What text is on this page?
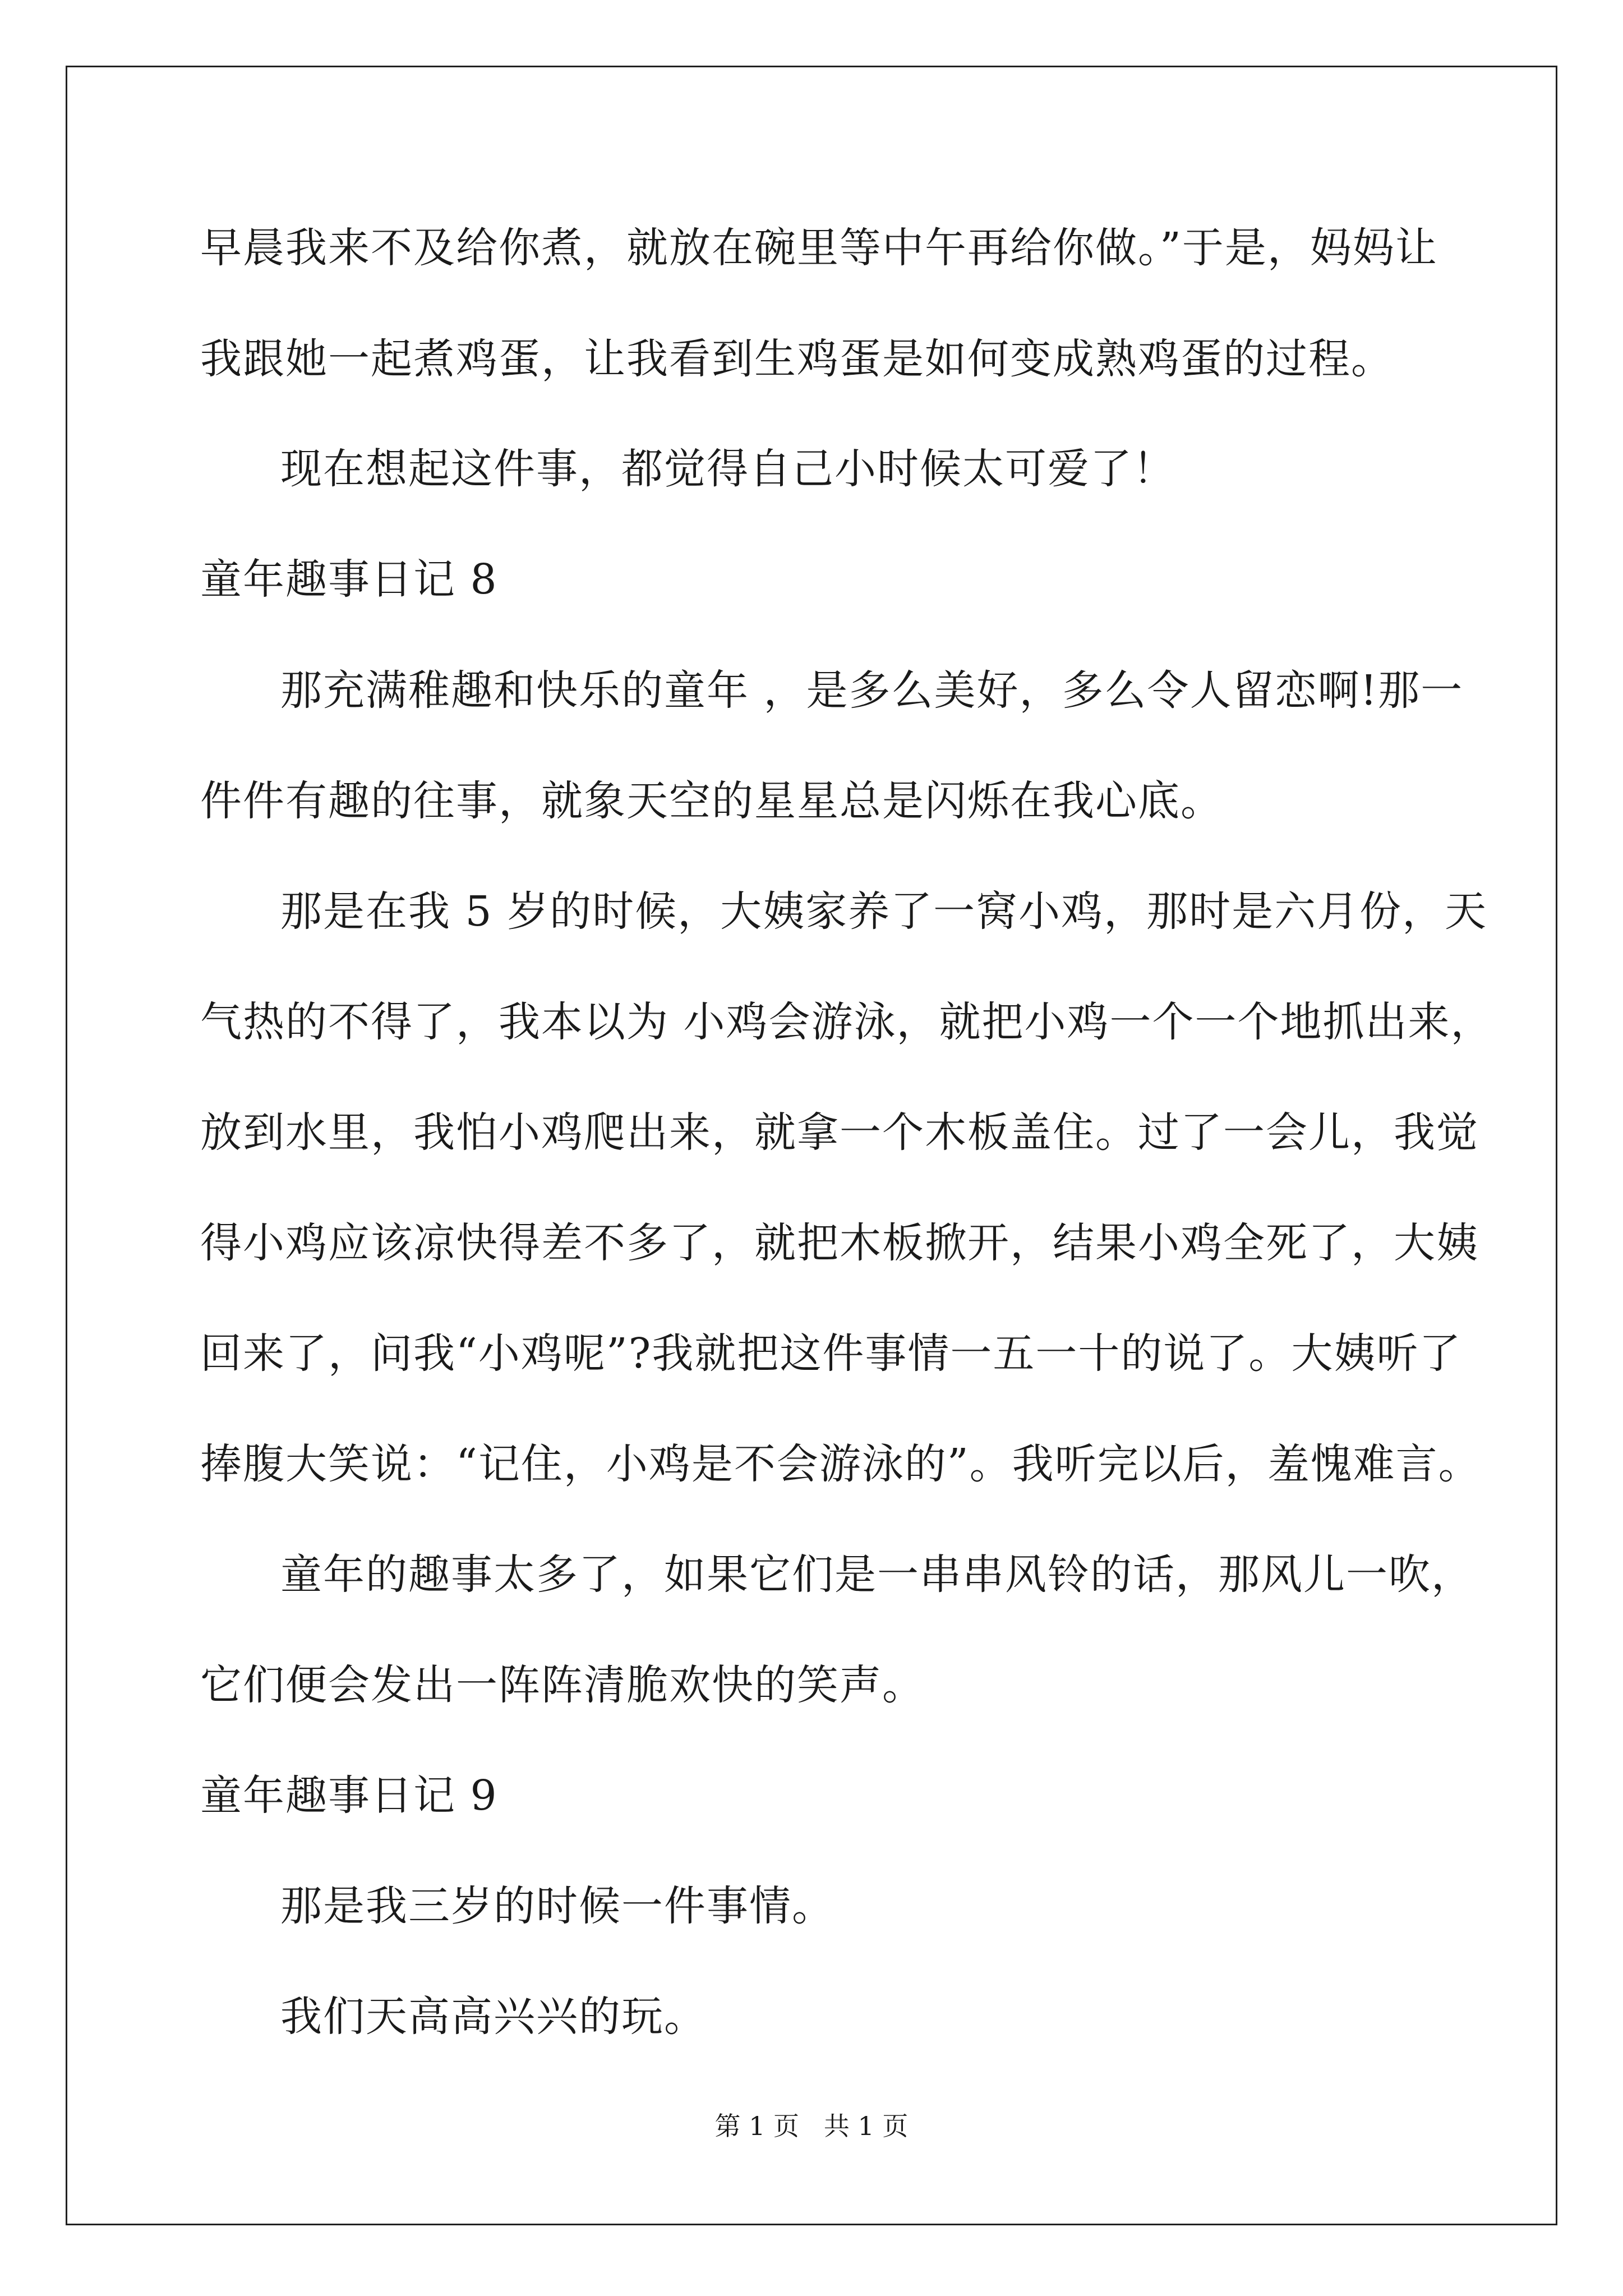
早晨我来不及给你煮，就放在碗里等中午再给你做。”于是，妈妈让
我跟她一起煮鸡蛋，让我看到生鸡蛋是如何变成熟鸡蛋的过程。
现在想起这件事，都觉得自己小时候太可爱了！
童年趣事日记 8
那充满稚趣和快乐的童年 ，是多么美好，多么令人留恋啊!那一
件件有趣的往事，就象天空的星星总是闪烁在我心底。
那是在我 5 岁的时候，大姨家养了一窝小鸡，那时是六月份，天
气热的不得了，我本以为 小鸡会游泳，就把小鸡一个一个地抓出来，
放到水里，我怕小鸡爬出来，就拿一个木板盖住。过了一会儿，我觉
得小鸡应该凉快得差不多了，就把木板掀开，结果小鸡全死了，大姨
回来了，问我“小鸡呢”?我就把这件事情一五一十的说了。大姨听了
捧腹大笑说：“记住，小鸡是不会游泳的”。我听完以后，羞愧难言。
童年的趣事太多了，如果它们是一串串风铃的话，那风儿一吹，
它们便会发出一阵阵清脆欢快的笑声。
童年趣事日记 9
那是我三岁的时候一件事情。
我们天高高兴兴的玩。
第 1 页   共 1 页
